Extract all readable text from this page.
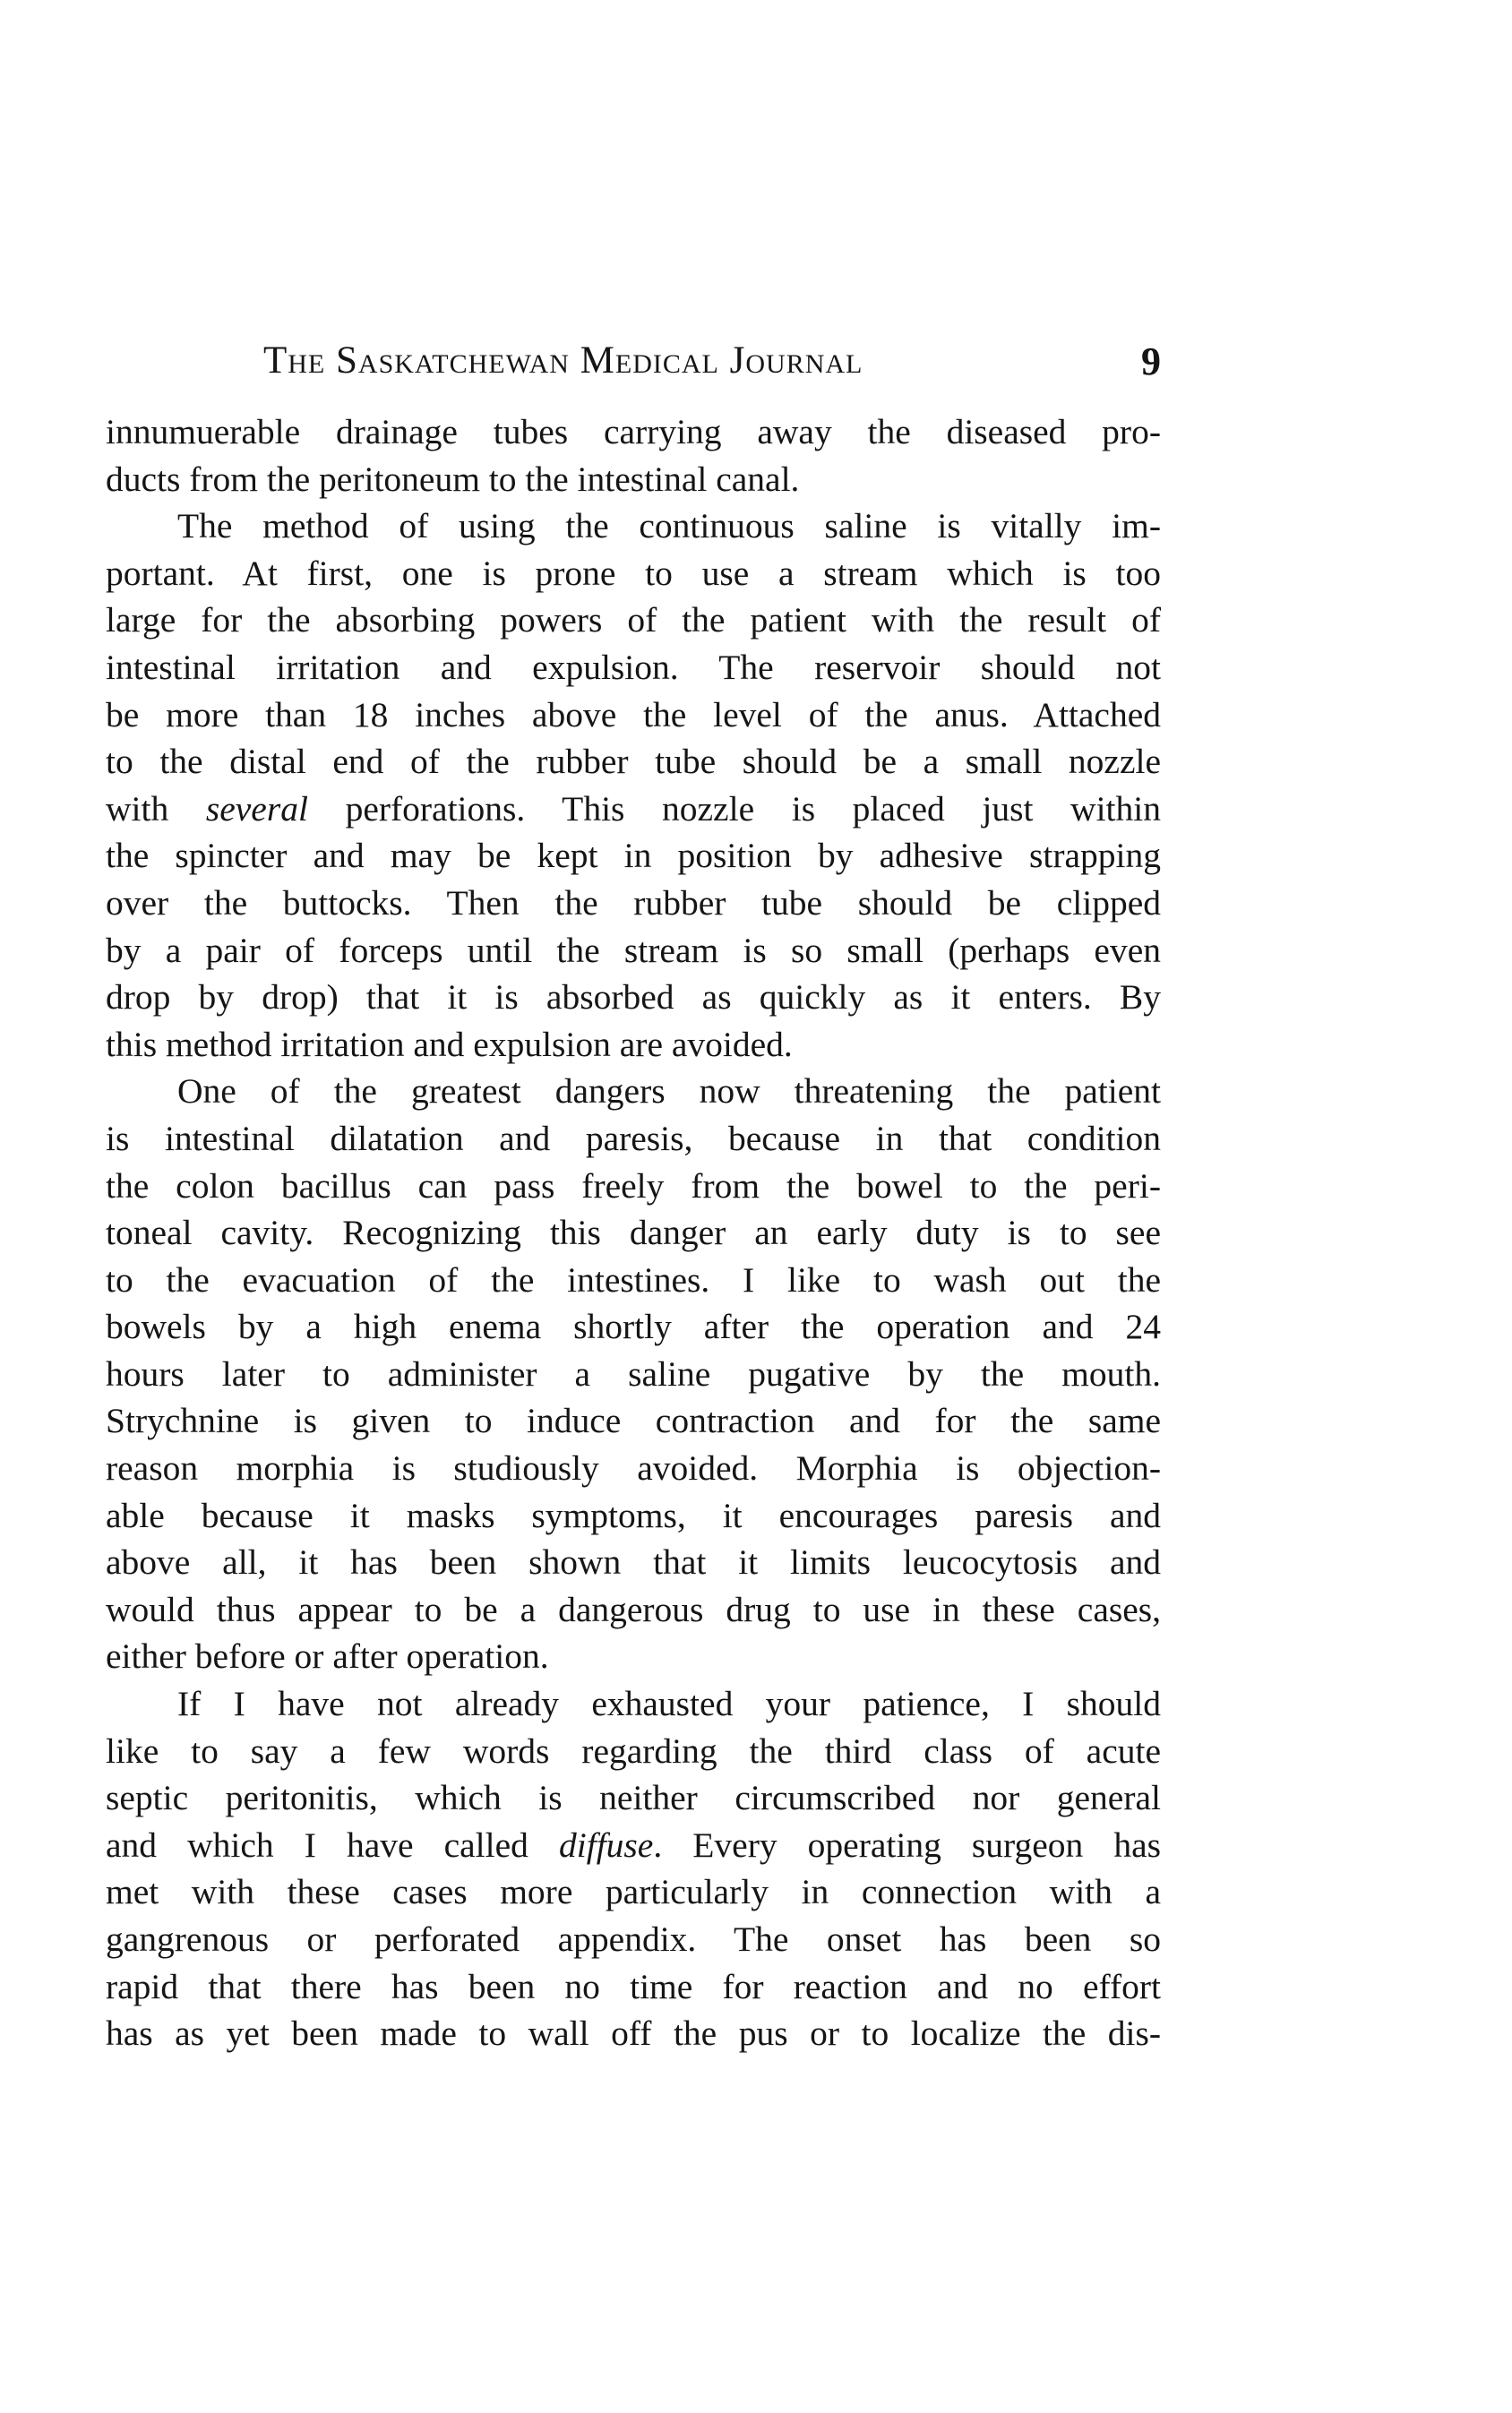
The Saskatchewan Medical Journal	9
innumuerable drainage tubes carrying away the diseased pro-
ducts from the peritoneum to the intestinal canal.
The method of using the continuous saline is vitally im-
portant. At first, one is prone to use a stream which is too
large for the absorbing powers of the patient with the result of
intestinal irritation and expulsion. The reservoir should not
be more than 18 inches above the level of the anus. Attached
to the distal end of the rubber tube should be a small nozzle
with several perforations. This nozzle is placed just within
the spincter and may be kept in position by adhesive strapping
over the buttocks. Then the rubber tube should be clipped
by a pair of forceps until the stream is so small (perhaps even
drop by drop) that it is absorbed as quickly as it enters. By
this method irritation and expulsion are avoided.
One of the greatest dangers now threatening the patient
is intestinal dilatation and paresis, because in that condition
the colon bacillus can pass freely from the bowel to the peri-
toneal cavity. Recognizing this danger an early duty is to see
to the evacuation of the intestines. I like to wash out the
bowels by a high enema shortly after the operation and 24
hours later to administer a saline pugative by the mouth.
Strychnine is given to induce contraction and for the same
reason morphia is studiously avoided. Morphia is objection-
able because it masks symptoms, it encourages paresis and
above all, it has been shown that it limits leucocytosis and
would thus appear to be a dangerous drug to use in these cases,
either before or after operation.
If I have not already exhausted your patience, I should
like to say a few words regarding the third class of acute
septic peritonitis, which is neither circumscribed nor general
and which I have called diffuse. Every operating surgeon has
met with these cases more particularly in connection with a
gangrenous or perforated appendix. The onset has been so
rapid that there has been no time for reaction and no effort
has as yet been made to wall off the pus or to localize the dis-
